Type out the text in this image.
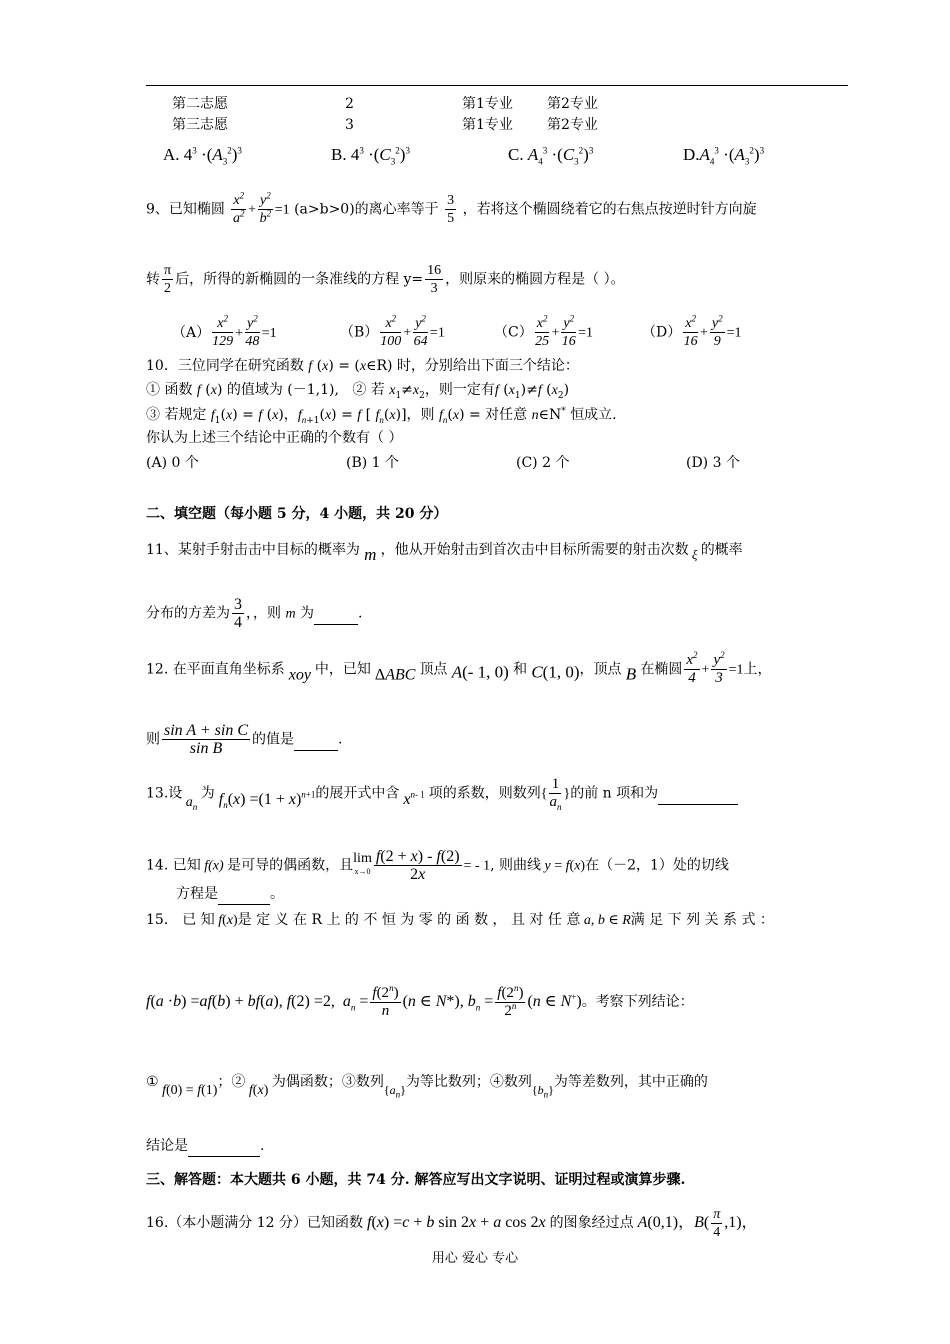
第二志愿	2	第1专业 第2专业
第三志愿	3	第1专业 第2专业
A. $4^3 \cdot(A_3^2)^3$	B. $4^3 \cdot(C_3^2)^3$	C. $A_4^3 \cdot(C_3^2)^3$	$D.A_4^3 \cdot(A_3^2)^3$
9、已知椭圆 $\frac{x^2}{a^2} + \frac{y^2}{b^2} =1$ (a>b>0)的离心率等于 $\frac{3}{5}$ ，若将这个椭圆绕着它的右焦点按逆时针方向旋
转 $\frac{\pi}{2}$ 后，所得的新椭圆的一条准线的方程 $y= \frac{16}{3}$ ，则原来的椭圆方程是（ ）。
$(A) \frac{x^2}{129} + \frac{y^2}{48} =1$	$(B) \frac{x^2}{100} + \frac{y^2}{64} =1$	$(C) \frac{x^2}{25} + \frac{y^2}{16} =1$	$(D) \frac{x^2}{16} + \frac{y^2}{9} =1$
10．三位同学在研究函数 f (x) = (x∈R) 时，分别给出下面三个结论：
① 函数 f (x) 的值域为 (－1,1), ② 若 $x_1\ne x_2$，则一定有f $(x_1)\ne f$ $(x_2)$
③ 若规定 $f_1(x) = f$ (x)，$f_{n+1}(x) = f$ [ $f_n(x)$]，则 $f_n(x)$ = 对任意 n∈N* 恒成立.
你认为上述三个结论中正确的个数有（ ）
(A) 0 个	(B) 1 个	(C) 2 个	(D) 3 个
二、填空题（每小题 5 分，4 小题，共 20 分）
11、某射手射击击中目标的概率为 m ，他从开始射击到首次击中目标所需要的射击次数 ξ 的概率
分布的方差为 $\frac{3}{4}$ ，，则 m 为	.
12. 在平面直角坐标系 xoy 中，已知 ΔABC 顶点 A(- 1, 0) 和 C(1, 0)，顶点 B 在椭圆 $\frac{x^2}{4} + \frac{y^2}{3} =1$上，
则 $\frac{\text{sin A + sin C}}{\text{sin B}}$ 的值是	.
13.设 $a_n$ 为 $f_n(x) =(1 + x)^{n+1}$的展开式中含 $x^{n- 1}$ 项的系数，则数列{ $\frac{1}{a_n}$ }的前 n 项和为
14. 已知 f(x) 是可导的偶函数，且lim
$x\to 0 \frac{f(2 + x) - f(2)}{2x}$ = - 1, 则曲线 y = f(x)在（－2，1）处的切线
方程是	。
15． 已 知 f(x)是 定 义 在 R 上 的 不 恒 为 零 的 函 数 ， 且 对 任 意 a, b ∈ R满 足 下 列 关 系 式 ：
f(a ·b) =af(b) + bf(a), f(2) =2,  $a_n = \frac{f(2^n)}{n} (n$ ∈ N*), $b_n = \frac{f(2^n)}{2^n} (n$ ∈ N+)。考察下列结论：
① f(0) = f(1)；② f(x) 为偶函数；③数列$\{a_n\}$为等比数列；④数列$\{b_n\}$为等差数列，其中正确的
结论是	.
三、解答题：本大题共 6 小题，共 74 分. 解答应写出文字说明、证明过程或演算步骤.
16.（本小题满分 12 分）已知函数 f(x) =c + b sin 2x + a cos 2x 的图象经过点 A(0,1)，$B( \frac{\pi}{4} ,1)$，
用心 爱心 专心
